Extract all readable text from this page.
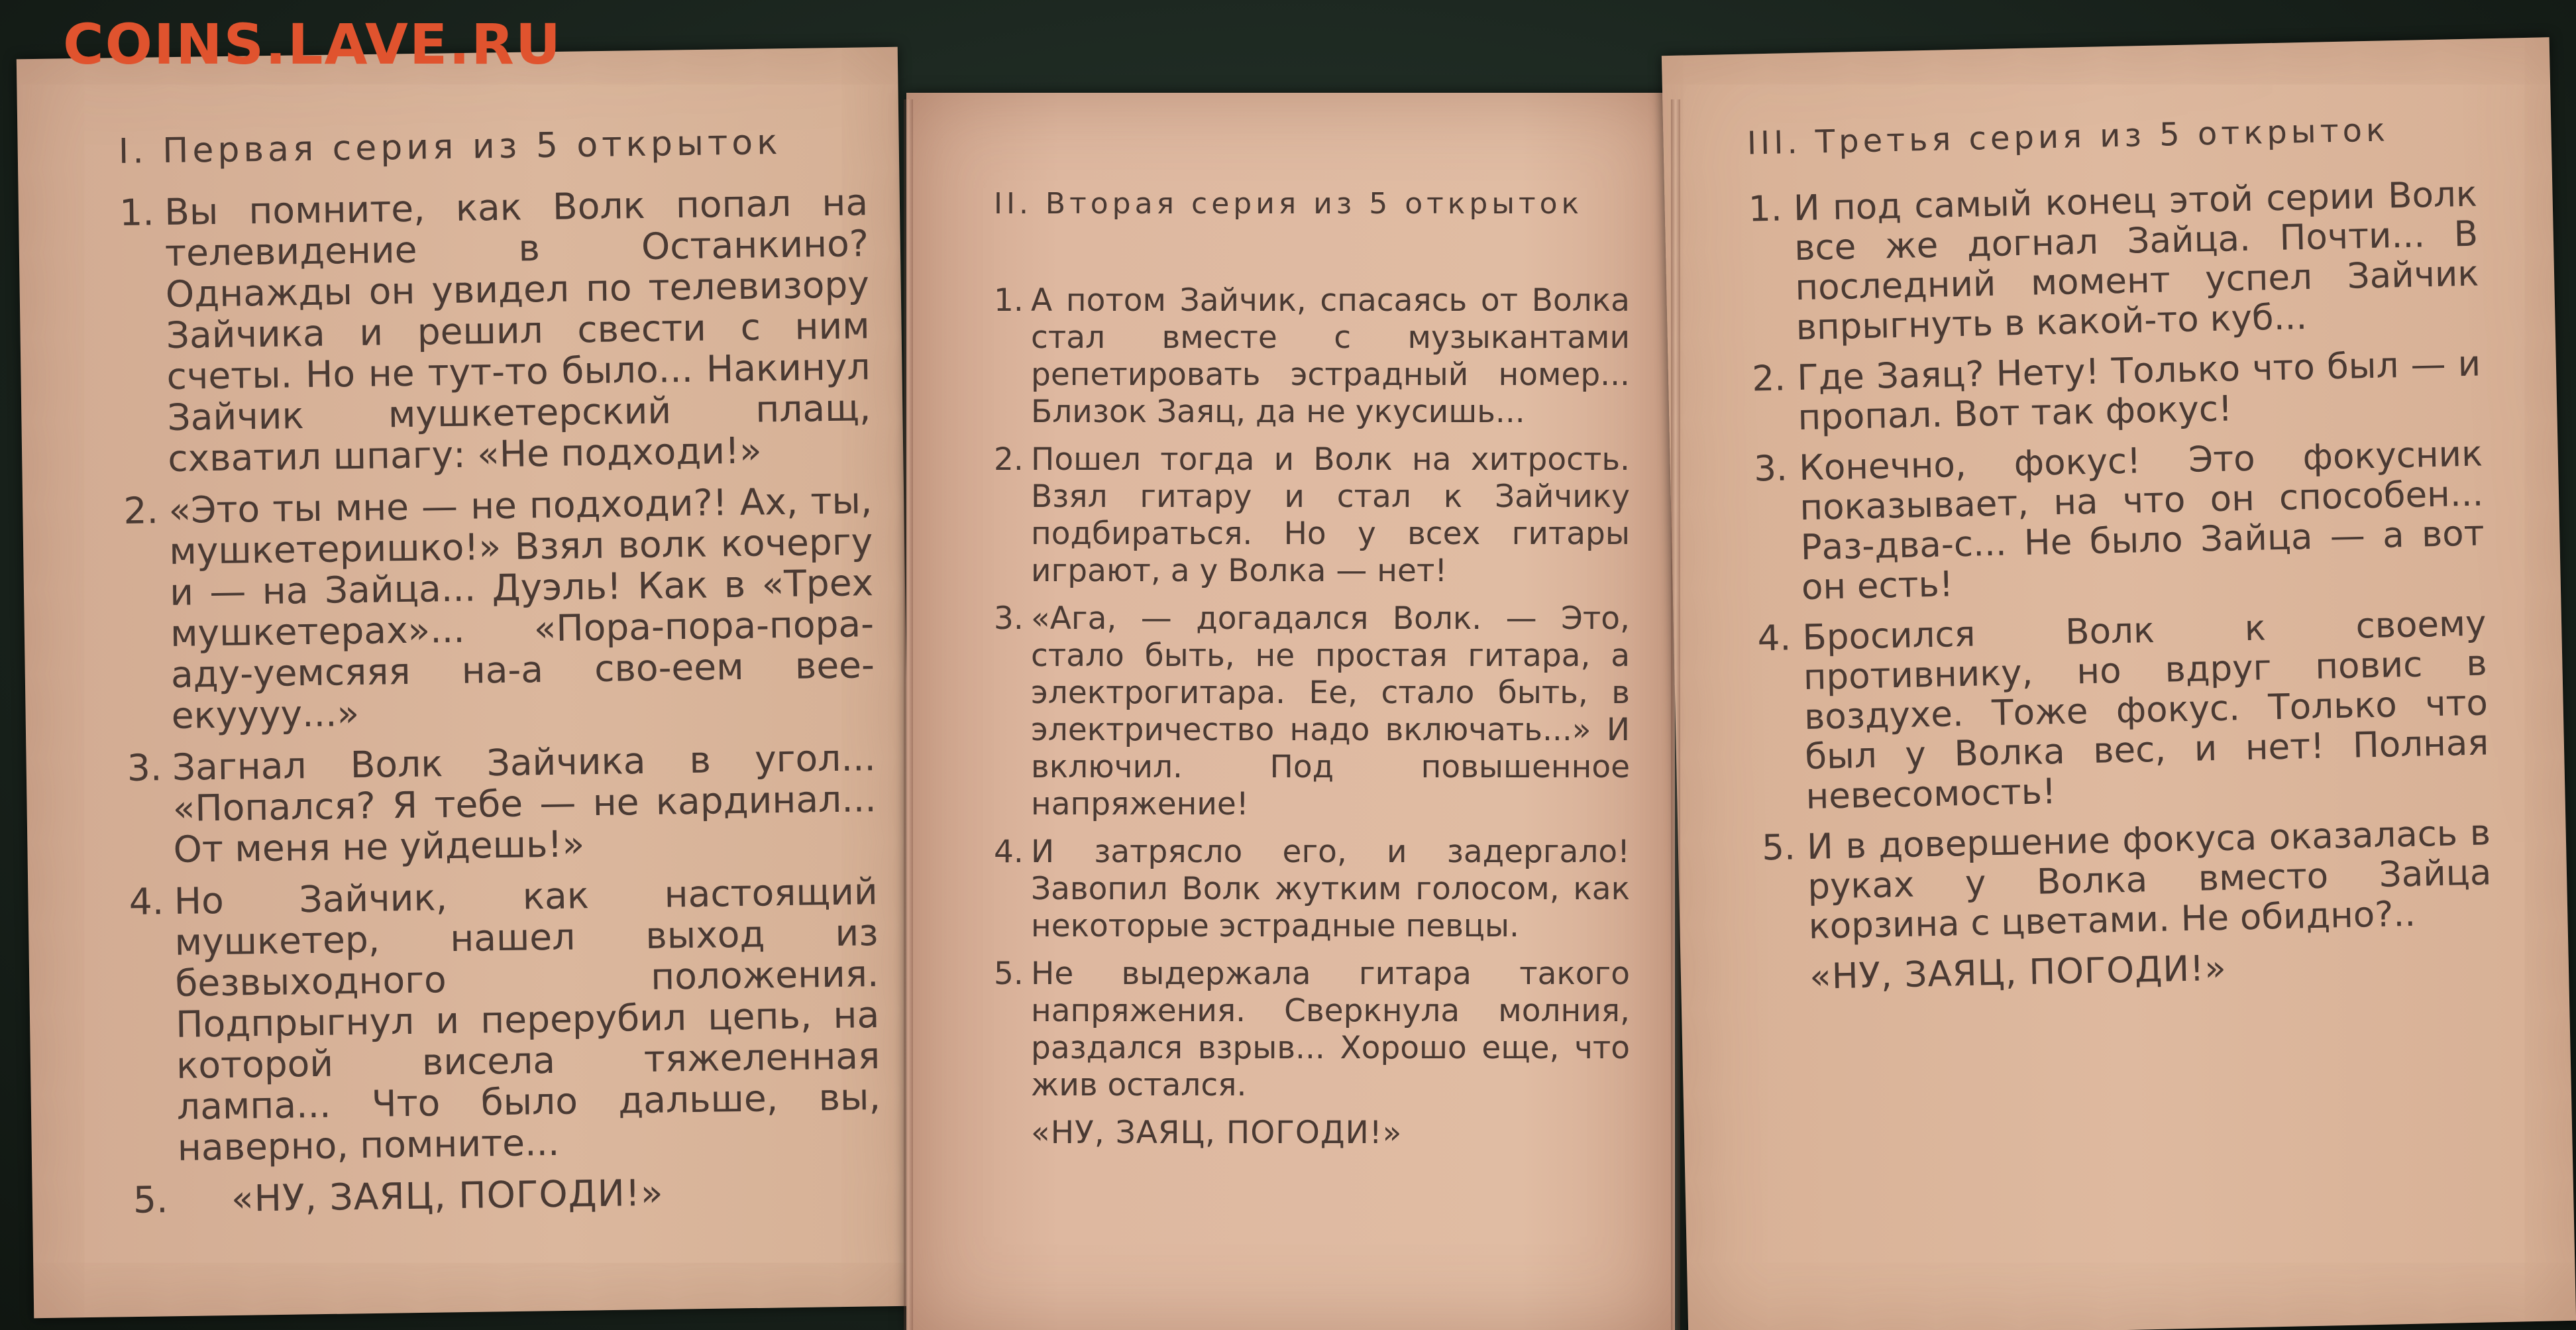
COINS.LAVE.RU
I. Первая серия из 5 открыток
1. Вы помните, как Волк попал на телевидение в Останкино? Однажды он увидел по телевизору Зайчика и решил свести с ним счеты. Но не тут-то было... Накинул Зайчик мушкетерский плащ, схватил шпагу: «Не подходи!»
2. «Это ты мне — не подходи?! Ах, ты, мушкетеришко!» Взял волк кочергу и — на Зайца... Дуэль! Как в «Трех мушкетерах»... «Пора-пора-пора-аду-уемсяяя на-а сво-еем вее-екуууу...»
3. Загнал Волк Зайчика в угол... «Попался? Я тебе — не кардинал... От меня не уйдешь!»
4. Но Зайчик, как настоящий мушкетер, нашел выход из безвыходного положения. Подпрыгнул и перерубил цепь, на которой висела тяжеленная лампа... Что было дальше, вы, наверно, помните...
5. «НУ, ЗАЯЦ, ПОГОДИ!»
II. Вторая серия из 5 открыток
1. А потом Зайчик, спасаясь от Волка стал вместе с музыкантами репетировать эстрадный номер... Близок Заяц, да не укусишь...
2. Пошел тогда и Волк на хитрость. Взял гитару и стал к Зайчику подбираться. Но у всех гитары играют, а у Волка — нет!
3. «Ага, — догадался Волк. — Это, стало быть, не простая гитара, а электрогитара. Ее, стало быть, в электричество надо включать...» И включил. Под повышенное напряжение!
4. И затрясло его, и задергало! Завопил Волк жутким голосом, как некоторые эстрадные певцы.
5. Не выдержала гитара такого напряжения. Сверкнула молния, раздался взрыв... Хорошо еще, что жив остался.
«НУ, ЗАЯЦ, ПОГОДИ!»
III. Третья серия из 5 открыток
1. И под самый конец этой серии Волк все же догнал Зайца. Почти... В последний момент успел Зайчик впрыгнуть в какой-то куб...
2. Где Заяц? Нету! Только что был — и пропал. Вот так фокус!
3. Конечно, фокус! Это фокусник показывает, на что он способен... Раз-два-с... Не было Зайца — а вот он есть!
4. Бросился Волк к своему противнику, но вдруг повис в воздухе. Тоже фокус. Только что был у Волка вес, и нет! Полная невесомость!
5. И в довершение фокуса оказалась в руках у Волка вместо Зайца корзина с цветами. Не обидно?..
«НУ, ЗАЯЦ, ПОГОДИ!»
